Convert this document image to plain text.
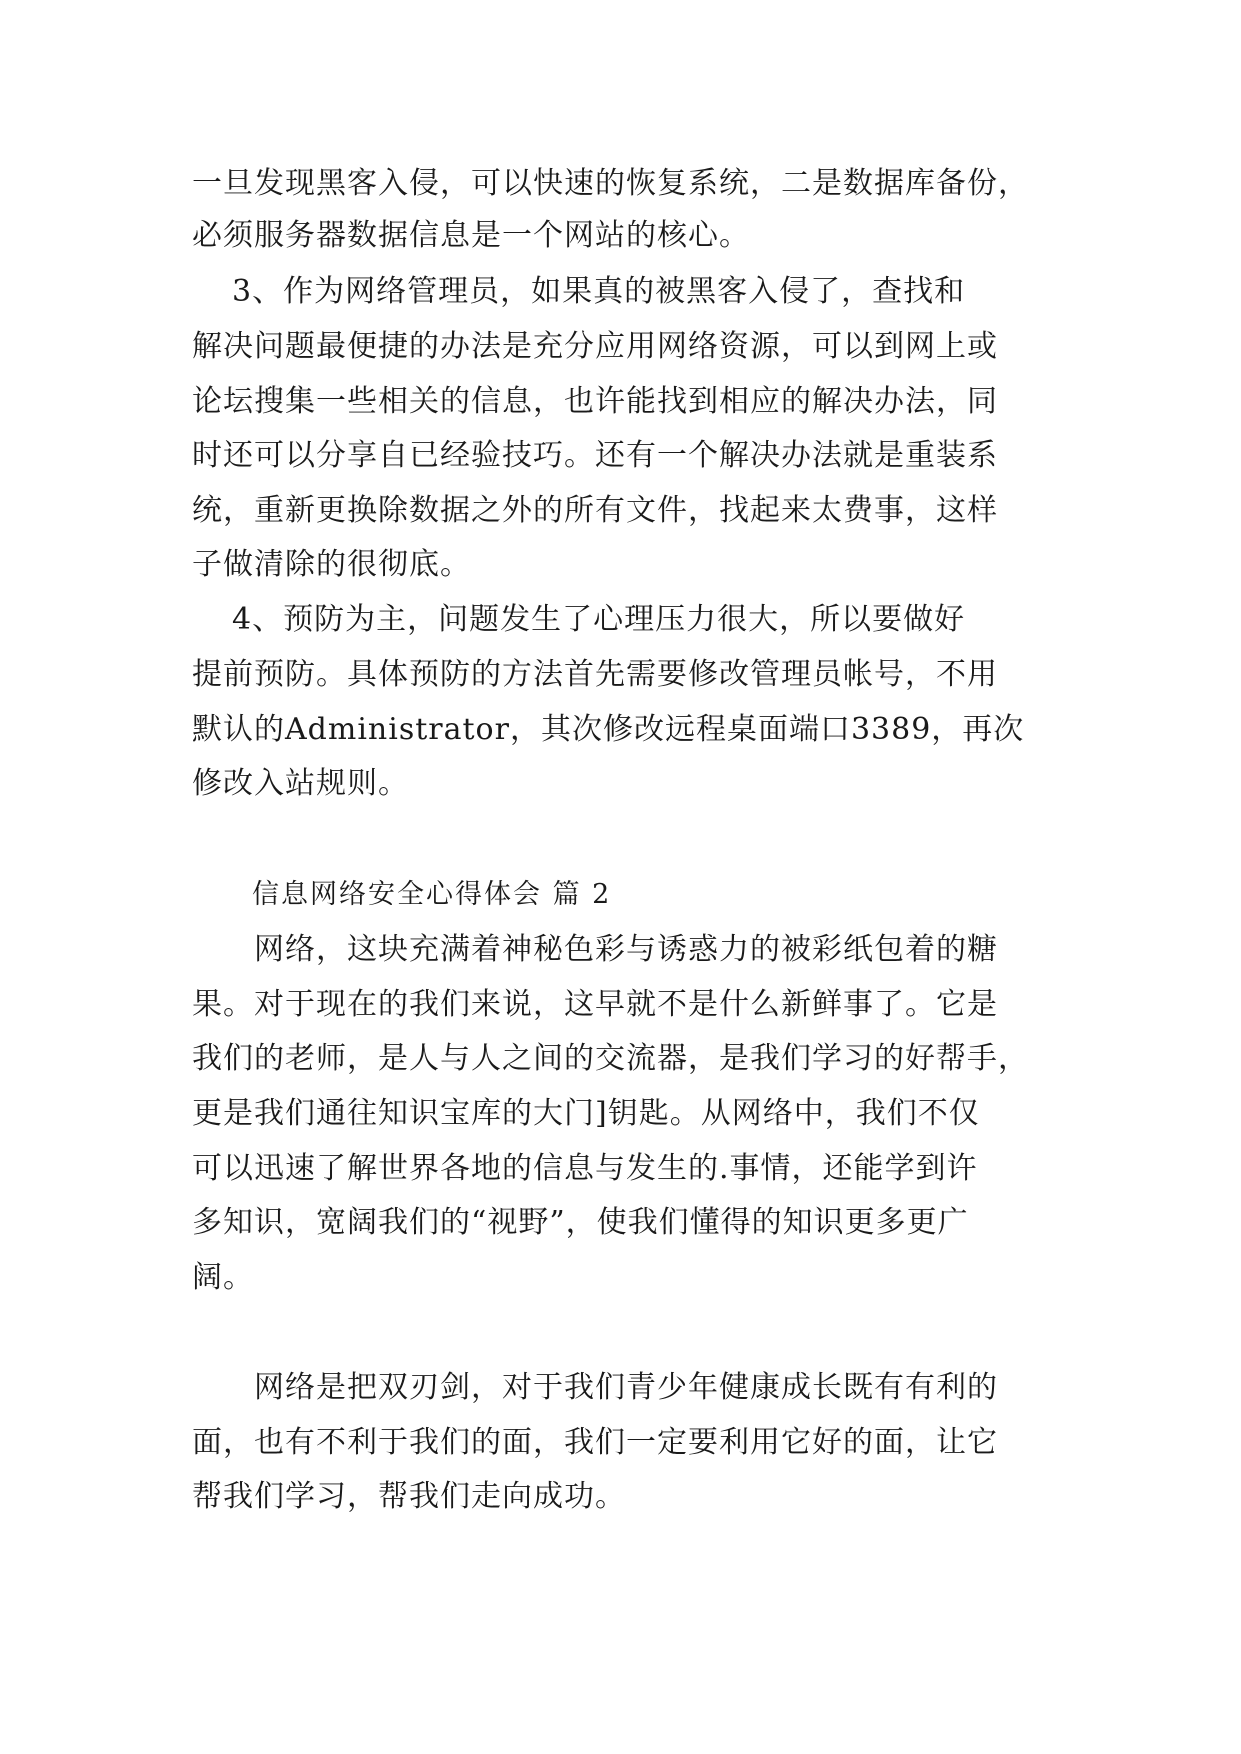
一旦发现黑客入侵，可以快速的恢复系统，二是数据库备份，
必须服务器数据信息是一个网站的核心。
3、作为网络管理员，如果真的被黑客入侵了，查找和
解决问题最便捷的办法是充分应用网络资源，可以到网上或
论坛搜集一些相关的信息，也许能找到相应的解决办法，同
时还可以分享自已经验技巧。还有一个解决办法就是重装系
统，重新更换除数据之外的所有文件，找起来太费事，这样
子做清除的很彻底。
4、预防为主，问题发生了心理压力很大，所以要做好
提前预防。具体预防的方法首先需要修改管理员帐号，不用
默认的Administrator，其次修改远程桌面端口3389，再次
修改入站规则。
信息网络安全心得体会 篇 2
网络，这块充满着神秘色彩与诱惑力的被彩纸包着的糖
果。对于现在的我们来说，这早就不是什么新鲜事了。它是
我们的老师，是人与人之间的交流器，是我们学习的好帮手，
更是我们通往知识宝库的大门]钥匙。从网络中，我们不仅
可以迅速了解世界各地的信息与发生的.事情，还能学到许
多知识，宽阔我们的“视野”，使我们懂得的知识更多更广
阔。
网络是把双刃剑，对于我们青少年健康成长既有有利的
面，也有不利于我们的面，我们一定要利用它好的面，让它
帮我们学习，帮我们走向成功。
